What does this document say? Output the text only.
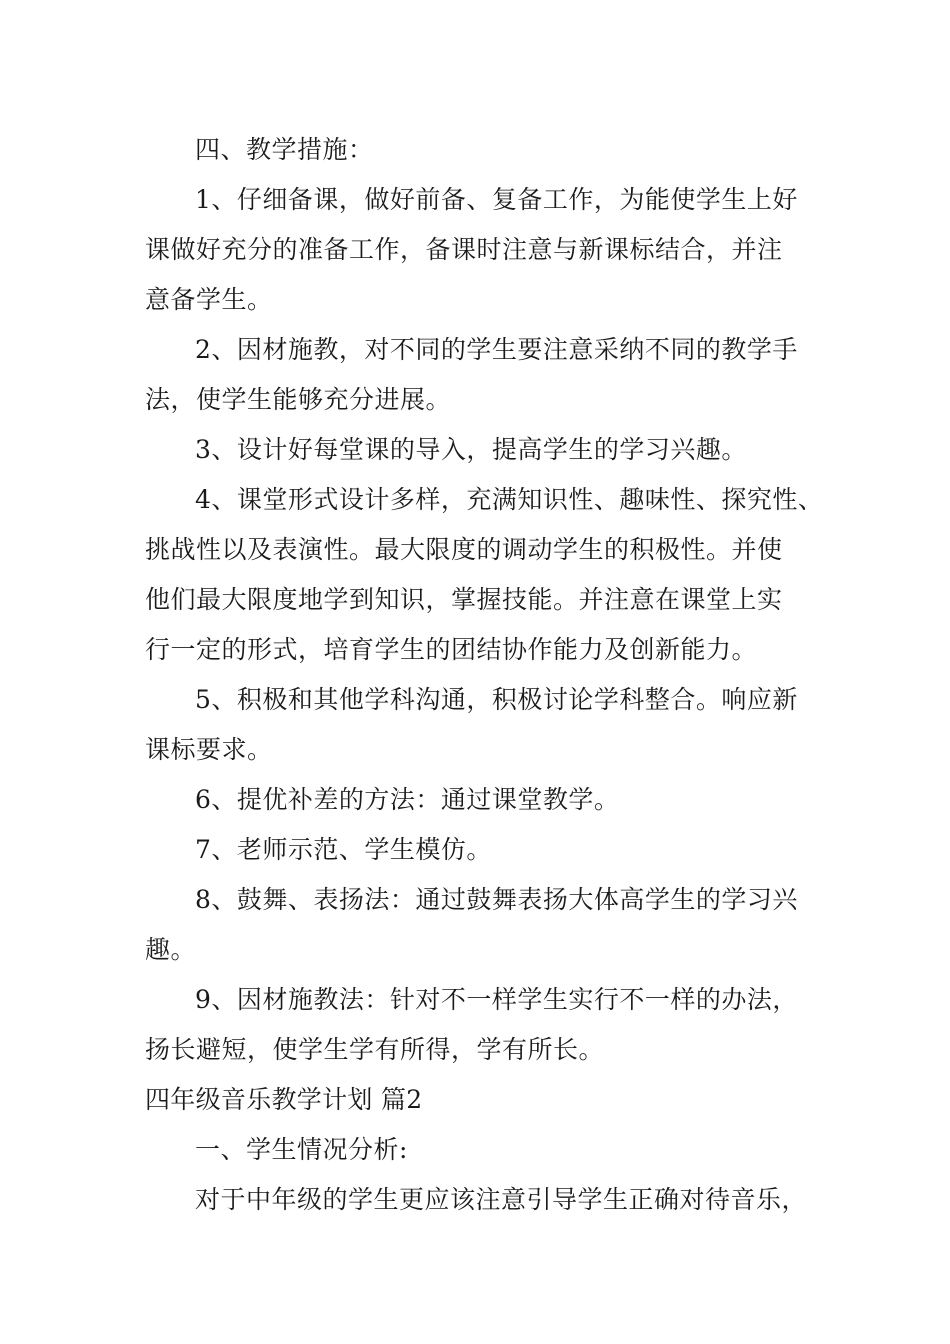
四、教学措施：
1、仔细备课，做好前备、复备工作，为能使学生上好
课做好充分的准备工作，备课时注意与新课标结合，并注
意备学生。
2、因材施教，对不同的学生要注意采纳不同的教学手
法，使学生能够充分进展。
3、设计好每堂课的导入，提高学生的学习兴趣。
4、课堂形式设计多样，充满知识性、趣味性、探究性、
挑战性以及表演性。最大限度的调动学生的积极性。并使
他们最大限度地学到知识，掌握技能。并注意在课堂上实
行一定的形式，培育学生的团结协作能力及创新能力。
5、积极和其他学科沟通，积极讨论学科整合。响应新
课标要求。
6、提优补差的方法：通过课堂教学。
7、老师示范、学生模仿。
8、鼓舞、表扬法：通过鼓舞表扬大体高学生的学习兴
趣。
9、因材施教法：针对不一样学生实行不一样的办法，
扬长避短，使学生学有所得，学有所长。
四年级音乐教学计划 篇2
一、学生情况分析:
对于中年级的学生更应该注意引导学生正确对待音乐，
